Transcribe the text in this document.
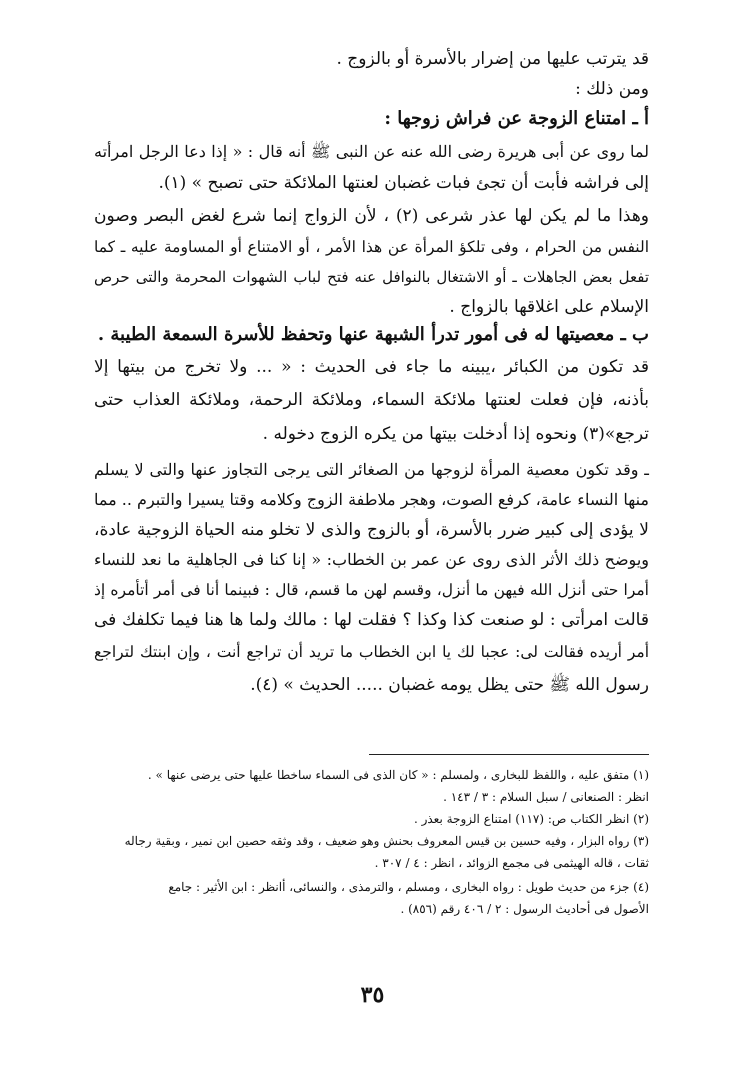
قد يترتب عليها من إضرار بالأسرة أو بالزوج .

ومن ذلك :

أ ـ امتناع الزوجة عن فراش زوجها :

لما روى عن أبى هريرة رضى الله عنه عن النبى ﷺ أنه قال : « إذا دعا الرجل امرأته

إلى فراشه فأبت أن تجئ فبات غضبان لعنتها الملائكة حتى تصبح » (١).

وهذا ما لم يكن لها عذر شرعى (٢) ، لأن الزواج إنما شرع لغض البصر وصون

النفس من الحرام ، وفى تلكؤ المرأة عن هذا الأمر ، أو الامتناع أو المساومة عليه ـ كما

تفعل بعض الجاهلات ـ أو الاشتغال بالنوافل عنه فتح لباب الشهوات المحرمة والتى حرص

الإسلام على اغلاقها بالزواج .

ب ـ معصيتها له فى أمور تدرأ الشبهة عنها وتحفظ للأسرة السمعة الطيبة .

قد تكون من الكبائر ،يبينه ما جاء فى الحديث : « ... ولا تخرج من بيتها إلا

بأذنه، فإن فعلت لعنتها ملائكة السماء، وملائكة الرحمة، وملائكة العذاب حتى

ترجع»(٣) ونحوه إذا أدخلت بيتها من يكره الزوج دخوله .

ـ وقد تكون معصية المرأة لزوجها من الصغائر التى يرجى التجاوز عنها والتى لا يسلم

منها النساء عامة، كرفع الصوت، وهجر ملاطفة الزوج وكلامه وقتا يسيرا والتبرم .. مما

لا يؤدى إلى كبير ضرر بالأسرة، أو بالزوج والذى لا تخلو منه الحياة الزوجية عادة،

ويوضح ذلك الأثر الذى روى عن عمر بن الخطاب: « إنا كنا فى الجاهلية ما نعد للنساء

أمرا حتى أنزل الله فيهن ما أنزل، وقسم لهن ما قسم، قال : فبينما أنا فى أمر أتأمره إذ

قالت امرأتى : لو صنعت كذا وكذا ؟ فقلت لها : مالك ولما ها هنا فيما تكلفك فى

أمر أريده فقالت لى: عجبا لك يا ابن الخطاب ما تريد أن تراجع أنت ، وإن ابنتك لتراجع

رسول الله ﷺ حتى يظل يومه غضبان ..... الحديث » (٤).

(١) متفق عليه ، واللفظ للبخارى ، ولمسلم : « كان الذى فى السماء ساخطا عليها حتى يرضى عنها » .

انظر : الصنعانى / سبل السلام : ٣ / ١٤٣ .

(٢) انظر الكتاب ص: (١١٧) امتناع الزوجة بعذر .

(٣) رواه البزار ، وفيه حسين بن قيس المعروف بحنش وهو ضعيف ، وقد وثقه حصين ابن نمير ، وبقية رجاله

ثقات ، قاله الهيثمى فى مجمع الزوائد ، انظر : ٤ / ٣٠٧ .

(٤) جزء من حديث طويل : رواه البخارى ، ومسلم ، والترمذى ، والنسائى، أانظر : ابن الأثير : جامع

الأصول فى أحاديث الرسول : ٢ / ٤٠٦ رقم (٨٥٦) .

٣٥
